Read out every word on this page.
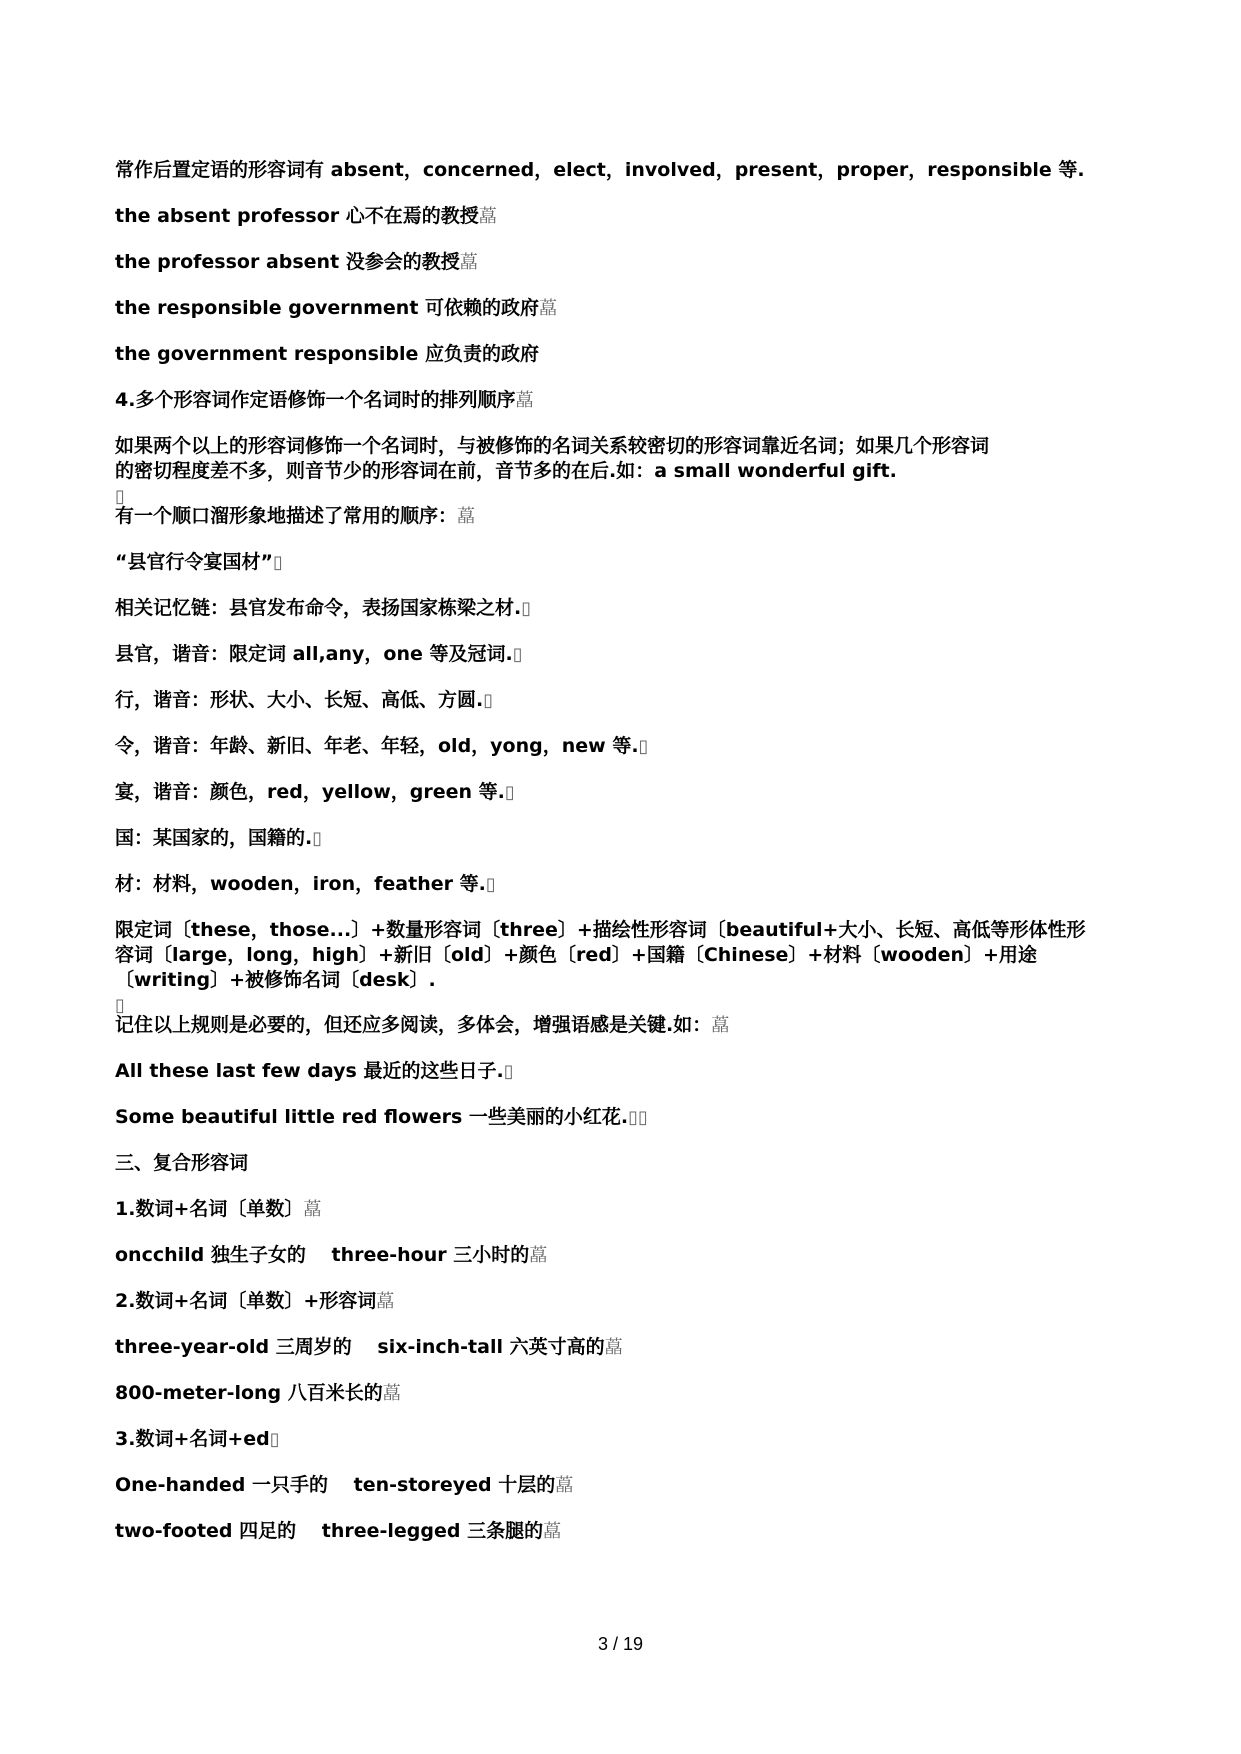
常作后置定语的形容词有 absent，concerned，elect，involved，present，proper，responsible 等.
the absent professor 心不在焉的教授藠
the professor absent 没参会的教授藠
the responsible government 可依赖的政府藠
the government responsible 应负责的政府
4.多个形容词作定语修饰一个名词时的排列顺序藠
如果两个以上的形容词修饰一个名词时，与被修饰的名词关系较密切的形容词靠近名词；如果几个形容词
的密切程度差不多，则音节少的形容词在前，音节多的在后.如：a small wonderful gift.
▯
有一个顺口溜形象地描述了常用的顺序：藠
“县官行令宴国材”▯
相关记忆链：县官发布命令，表扬国家栋梁之材.▯
县官，谐音：限定词 all,any，one 等及冠词.▯
行，谐音：形状、大小、长短、高低、方圆.▯
令，谐音：年龄、新旧、年老、年轻，old，yong，new 等.▯
宴，谐音：颜色，red，yellow，green 等.▯
国：某国家的，国籍的.▯
材：材料，wooden，iron，feather 等.▯
限定词〔these，those...〕+数量形容词〔three〕+描绘性形容词〔beautiful+大小、长短、高低等形体性形
容词〔large，long，high〕+新旧〔old〕+颜色〔red〕+国籍〔Chinese〕+材料〔wooden〕+用途
〔writing〕+被修饰名词〔desk〕.
▯
记住以上规则是必要的，但还应多阅读，多体会，增强语感是关键.如：藠
All these last few days 最近的这些日子.▯
Some beautiful little red flowers 一些美丽的小红花.▯▯
三、复合形容词
1.数词+名词〔单数〕藠
oncchild 独生子女的　 three-hour 三小时的藠
2.数词+名词〔单数〕+形容词藠
three-year-old 三周岁的　 six-inch-tall 六英寸高的藠
800-meter-long 八百米长的藠
3.数词+名词+ed▯
One-handed 一只手的　 ten-storeyed 十层的藠
two-footed 四足的　 three-legged 三条腿的藠
3 / 19
